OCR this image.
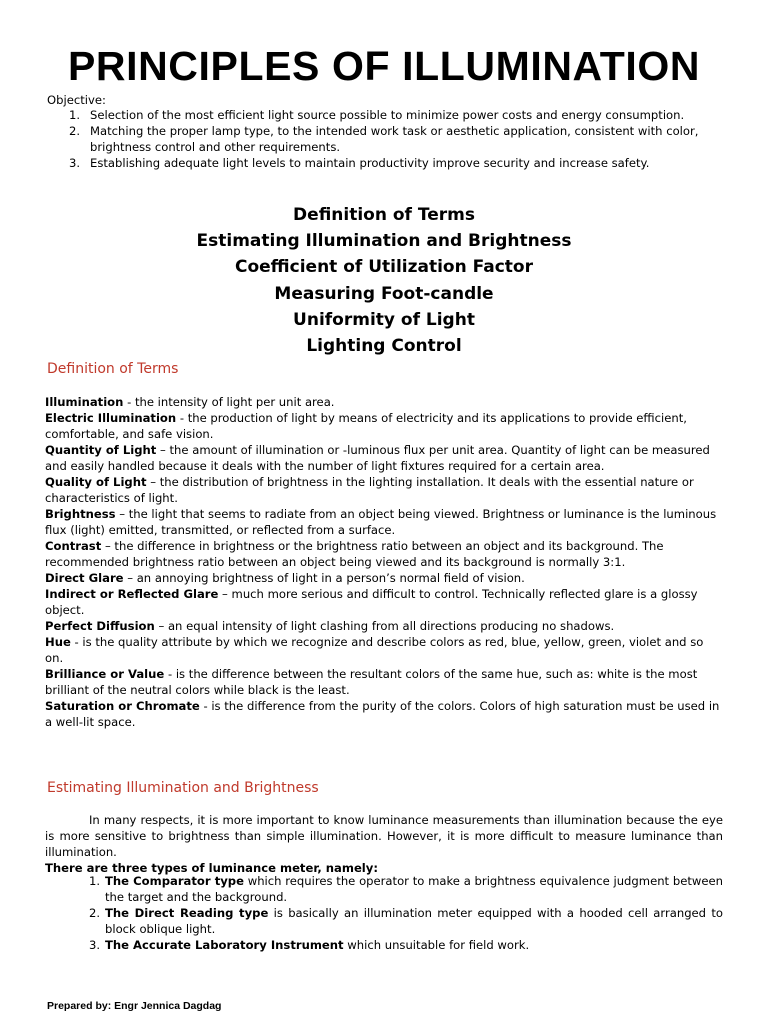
PRINCIPLES OF ILLUMINATION
Objective:
1. Selection of the most efficient light source possible to minimize power costs and energy consumption.
2. Matching the proper lamp type, to the intended work task or aesthetic application, consistent with color, brightness control and other requirements.
3. Establishing adequate light levels to maintain productivity improve security and increase safety.
Definition of Terms
Estimating Illumination and Brightness
Coefficient of Utilization Factor
Measuring Foot-candle
Uniformity of Light
Lighting Control
Definition of Terms

Illumination - the intensity of light per unit area.

Electric Illumination - the production of light by means of electricity and its applications to provide efficient, comfortable, and safe vision.

Quantity of Light – the amount of illumination or -luminous flux per unit area. Quantity of light can be measured and easily handled because it deals with the number of light fixtures required for a certain area.

Quality of Light – the distribution of brightness in the lighting installation. It deals with the essential nature or characteristics of light.

Brightness – the light that seems to radiate from an object being viewed. Brightness or luminance is the luminous flux (light) emitted, transmitted, or reflected from a surface.

Contrast – the difference in brightness or the brightness ratio between an object and its background. The recommended brightness ratio between an object being viewed and its background is normally 3:1.

Direct Glare – an annoying brightness of light in a person’s normal field of vision.

Indirect or Reflected Glare – much more serious and difficult to control. Technically reflected glare is a glossy object.

Perfect Diffusion – an equal intensity of light clashing from all directions producing no shadows.

Hue - is the quality attribute by which we recognize and describe colors as red, blue, yellow, green, violet and so on.

Brilliance or Value - is the difference between the resultant colors of the same hue, such as: white is the most brilliant of the neutral colors while black is the least.

Saturation or Chromate - is the difference from the purity of the colors. Colors of high saturation must be used in a well-lit space.

Estimating Illumination and Brightness

In many respects, it is more important to know luminance measurements than illumination because the eye is more sensitive to brightness than simple illumination. However, it is more difficult to measure luminance than illumination.

There are three types of luminance meter, namely:

1. The Comparator type which requires the operator to make a brightness equivalence judgment between the target and the background.
2. The Direct Reading type is basically an illumination meter equipped with a hooded cell arranged to block oblique light.
3. The Accurate Laboratory Instrument which unsuitable for field work.
Prepared by: Engr Jennica Dagdag
